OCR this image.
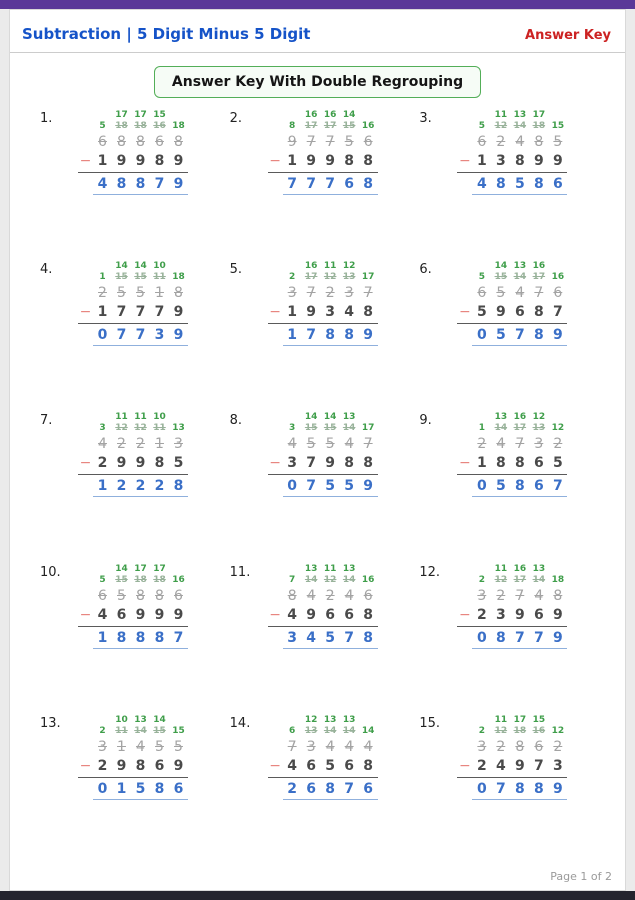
Subtraction | 5 Digit Minus 5 Digit	Answer Key
Answer Key With Double Regrouping
1.	17 17 15
5	18 18 16 18
6 8 8 6 8
− 1 9 9 8 9
4 8 8 7 9
2.	16 16 14
8	17 17 15 16
9 7 7 5 6
− 1 9 9 8 8
7 7 7 6 8
3.	11 13 17
5	12 14 18 15
6 2 4 8 5
− 1 3 8 9 9
4 8 5 8 6
4.	14 14 10
1	15 15 11 18
2 5 5 1 8
− 1 7 7 7 9
0 7 7 3 9
5.	16 11 12
2	17 12 13 17
3 7 2 3 7
− 1 9 3 4 8
1 7 8 8 9
6.	14 13 16
5	15 14 17 16
6 5 4 7 6
− 5 9 6 8 7
0 5 7 8 9
7.	11 11 10
3	12 12 11 13
4 2 2 1 3
− 2 9 9 8 5
1 2 2 2 8
8.	14 14 13
3	15 15 14 17
4 5 5 4 7
− 3 7 9 8 8
0 7 5 5 9
9.	13 16 12
1	14 17 13 12
2 4 7 3 2
− 1 8 8 6 5
0 5 8 6 7
10.	14 17 17
5	15 18 18 16
6 5 8 8 6
− 4 6 9 9 9
1 8 8 8 7
11.	13 11 13
7	14 12 14 16
8 4 2 4 6
− 4 9 6 6 8
3 4 5 7 8
12.	11 16 13
2	12 17 14 18
3 2 7 4 8
− 2 3 9 6 9
0 8 7 7 9
13.	10 13 14
2	11 14 15 15
3 1 4 5 5
− 2 9 8 6 9
0 1 5 8 6
14.	12 13 13
6	13 14 14 14
7 3 4 4 4
− 4 6 5 6 8
2 6 8 7 6
15.	11 17 15
2	12 18 16 12
3 2 8 6 2
− 2 4 9 7 3
0 7 8 8 9
Page 1 of 2
